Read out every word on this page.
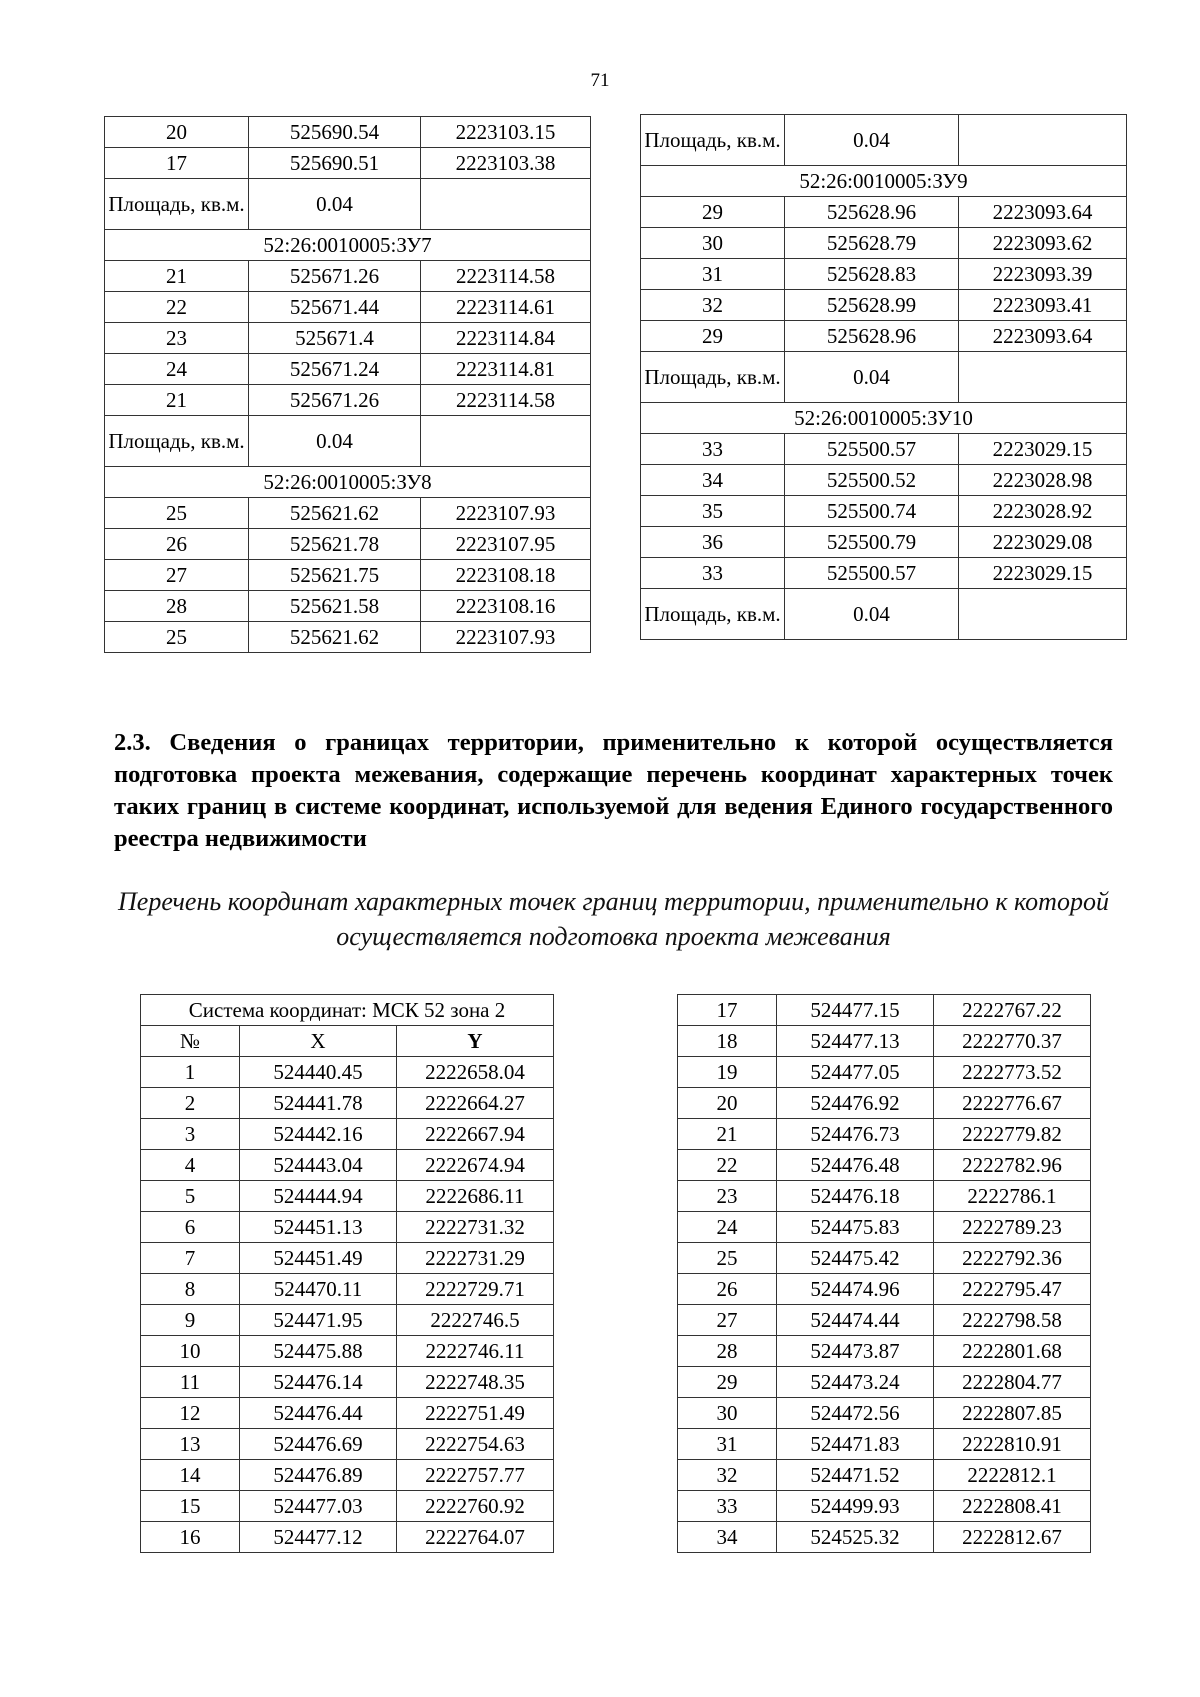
71
20	525690.54	2223103.15
17	525690.51	2223103.38
Площадь, кв.м.	0.04	
52:26:0010005:ЗУ7		
21	525671.26	2223114.58
22	525671.44	2223114.61
23	525671.4	2223114.84
24	525671.24	2223114.81
21	525671.26	2223114.58
Площадь, кв.м.	0.04	
52:26:0010005:ЗУ8		
25	525621.62	2223107.93
26	525621.78	2223107.95
27	525621.75	2223108.18
28	525621.58	2223108.16
25	525621.62	2223107.93
Площадь, кв.м.	0.04	
52:26:0010005:ЗУ9		
29	525628.96	2223093.64
30	525628.79	2223093.62
31	525628.83	2223093.39
32	525628.99	2223093.41
29	525628.96	2223093.64
Площадь, кв.м.	0.04	
52:26:0010005:ЗУ10		
33	525500.57	2223029.15
34	525500.52	2223028.98
35	525500.74	2223028.92
36	525500.79	2223029.08
33	525500.57	2223029.15
Площадь, кв.м.	0.04	
2.3. Сведения о границах территории, применительно к которой осуществляется подготовка проекта межевания, содержащие перечень координат характерных точек таких границ в системе координат, используемой для ведения Единого государственного реестра недвижимости
Перечень координат характерных точек границ территории, применительно к которой осуществляется подготовка проекта межевания
Система координат: МСК 52 зона 2		
№	X	Y
1	524440.45	2222658.04
2	524441.78	2222664.27
3	524442.16	2222667.94
4	524443.04	2222674.94
5	524444.94	2222686.11
6	524451.13	2222731.32
7	524451.49	2222731.29
8	524470.11	2222729.71
9	524471.95	2222746.5
10	524475.88	2222746.11
11	524476.14	2222748.35
12	524476.44	2222751.49
13	524476.69	2222754.63
14	524476.89	2222757.77
15	524477.03	2222760.92
16	524477.12	2222764.07
17	524477.15	2222767.22
18	524477.13	2222770.37
19	524477.05	2222773.52
20	524476.92	2222776.67
21	524476.73	2222779.82
22	524476.48	2222782.96
23	524476.18	2222786.1
24	524475.83	2222789.23
25	524475.42	2222792.36
26	524474.96	2222795.47
27	524474.44	2222798.58
28	524473.87	2222801.68
29	524473.24	2222804.77
30	524472.56	2222807.85
31	524471.83	2222810.91
32	524471.52	2222812.1
33	524499.93	2222808.41
34	524525.32	2222812.67
